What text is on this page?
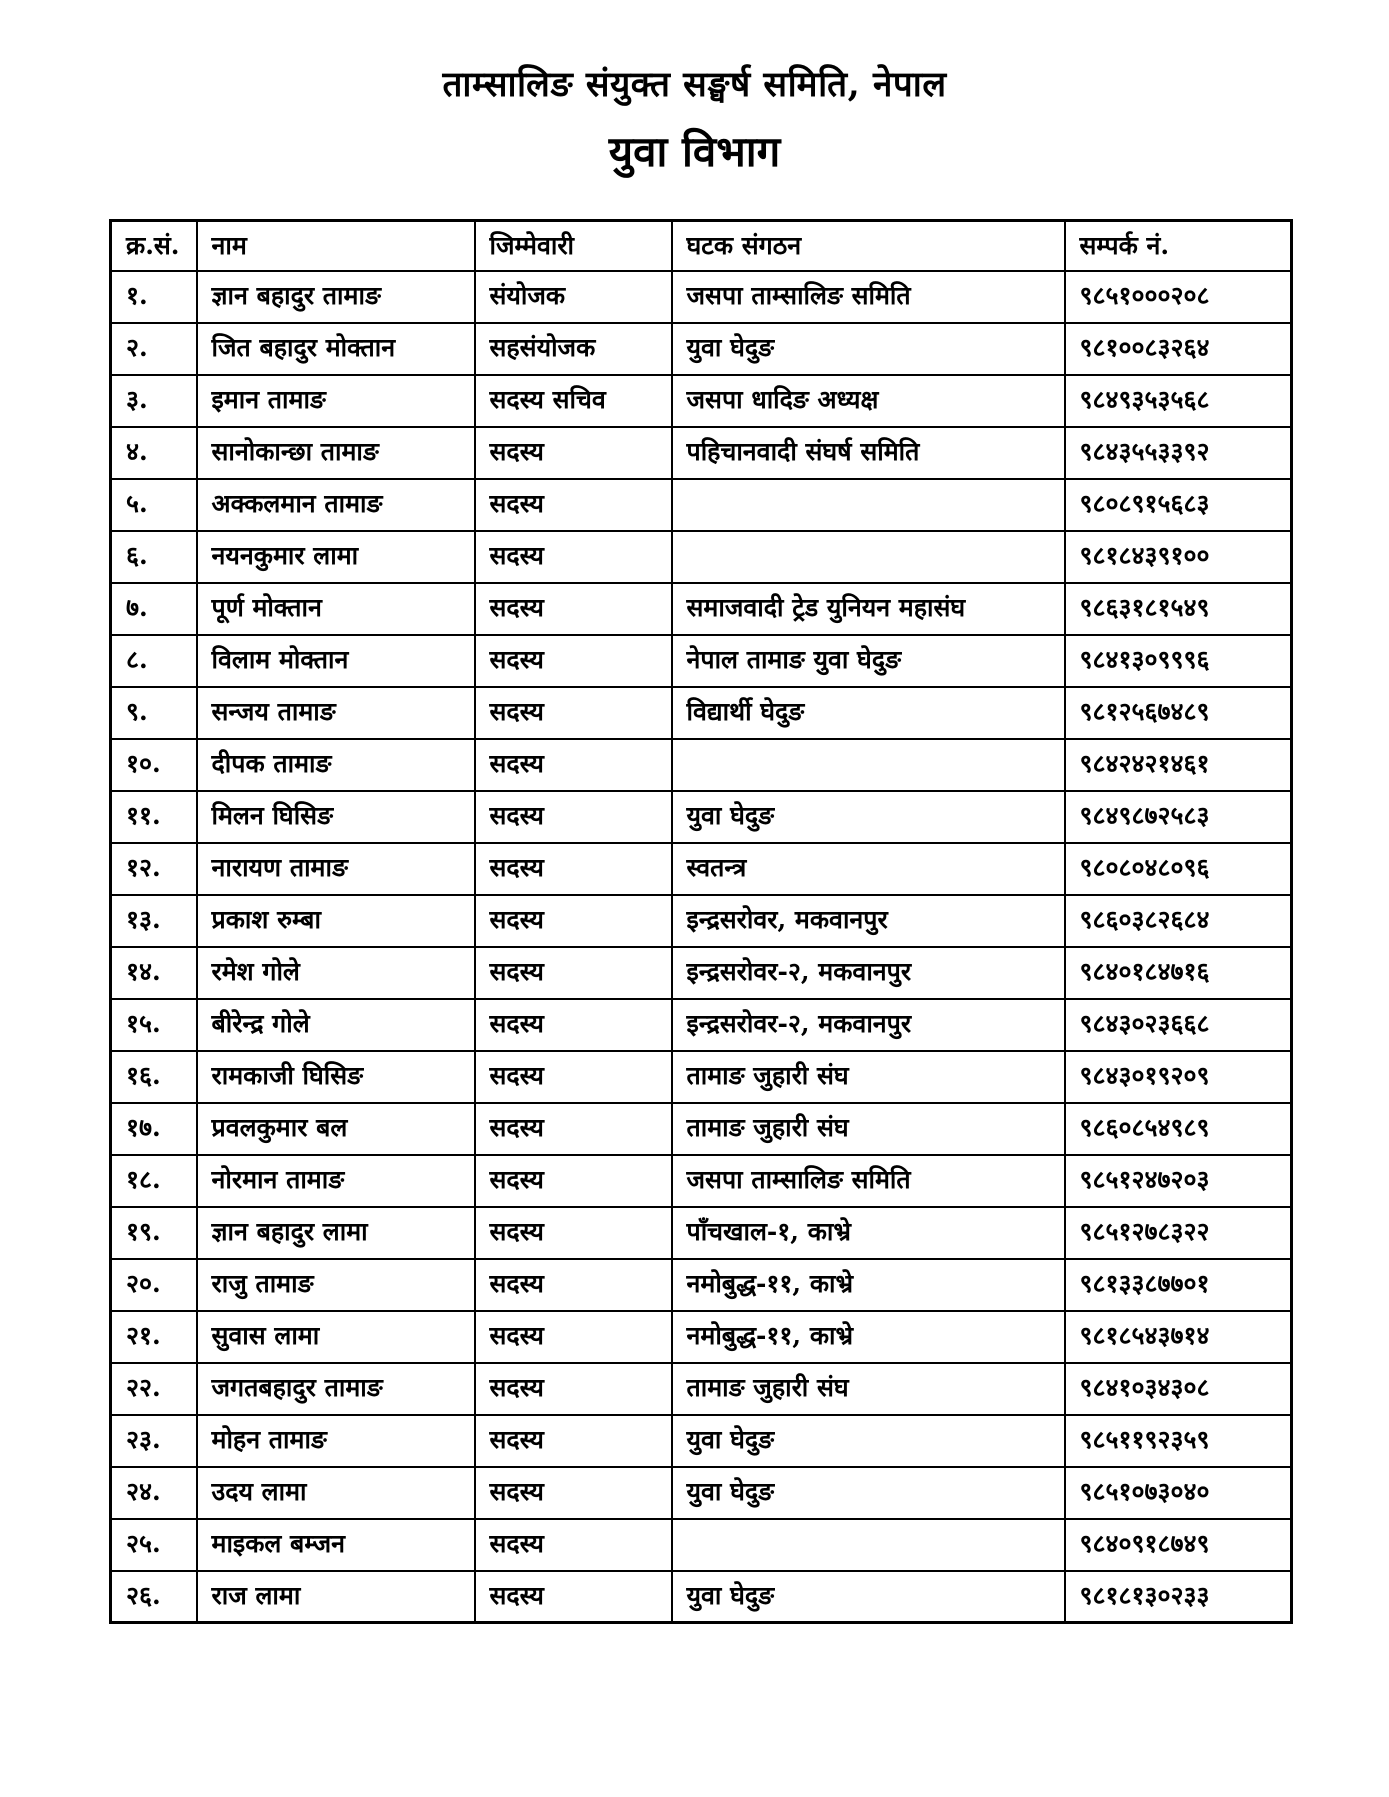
ताम्सालिङ संयुक्त सङ्घर्ष समिति, नेपाल
युवा विभाग
क्र.सं.	नाम	जिम्मेवारी	घटक संगठन	सम्पर्क नं.
१.	ज्ञान बहादुर तामाङ	संयोजक	जसपा ताम्सालिङ समिति	९८५१०००२०८
२.	जित बहादुर मोक्तान	सहसंयोजक	युवा घेदुङ	९८१००८३२६४
३.	इमान तामाङ	सदस्य सचिव	जसपा धादिङ अध्यक्ष	९८४९३५३५६८
४.	सानोकान्छा तामाङ	सदस्य	पहिचानवादी संघर्ष समिति	९८४३५५३३९२
५.	अक्कलमान तामाङ	सदस्य		९८०८९१५६८३
६.	नयनकुमार लामा	सदस्य		९८१८४३९१००
७.	पूर्ण मोक्तान	सदस्य	समाजवादी ट्रेड युनियन महासंघ	९८६३१८१५४९
८.	विलाम मोक्तान	सदस्य	नेपाल तामाङ युवा घेदुङ	९८४१३०९९९६
९.	सन्जय तामाङ	सदस्य	विद्यार्थी घेदुङ	९८१२५६७४८९
१०.	दीपक तामाङ	सदस्य		९८४२४२१४६१
११.	मिलन घिसिङ	सदस्य	युवा घेदुङ	९८४९८७२५८३
१२.	नारायण तामाङ	सदस्य	स्वतन्त्र	९८०८०४८०९६
१३.	प्रकाश रुम्बा	सदस्य	इन्द्रसरोवर, मकवानपुर	९८६०३८२६८४
१४.	रमेश गोले	सदस्य	इन्द्रसरोवर-२, मकवानपुर	९८४०१८४७१६
१५.	बीरेन्द्र गोले	सदस्य	इन्द्रसरोवर-२, मकवानपुर	९८४३०२३६६८
१६.	रामकाजी घिसिङ	सदस्य	तामाङ जुहारी संघ	९८४३०१९२०९
१७.	प्रवलकुमार बल	सदस्य	तामाङ जुहारी संघ	९८६०८५४९८९
१८.	नोरमान तामाङ	सदस्य	जसपा ताम्सालिङ समिति	९८५१२४७२०३
१९.	ज्ञान बहादुर लामा	सदस्य	पाँचखाल-१, काभ्रे	९८५१२७८३२२
२०.	राजु तामाङ	सदस्य	नमोबुद्ध-११, काभ्रे	९८१३३८७७०१
२१.	सुवास लामा	सदस्य	नमोबुद्ध-११, काभ्रे	९८१८५४३७१४
२२.	जगतबहादुर तामाङ	सदस्य	तामाङ जुहारी संघ	९८४१०३४३०८
२३.	मोहन तामाङ	सदस्य	युवा घेदुङ	९८५११९२३५९
२४.	उदय लामा	सदस्य	युवा घेदुङ	९८५१०७३०४०
२५.	माइकल बम्जन	सदस्य		९८४०९१८७४९
२६.	राज लामा	सदस्य	युवा घेदुङ	९८१८१३०२३३
